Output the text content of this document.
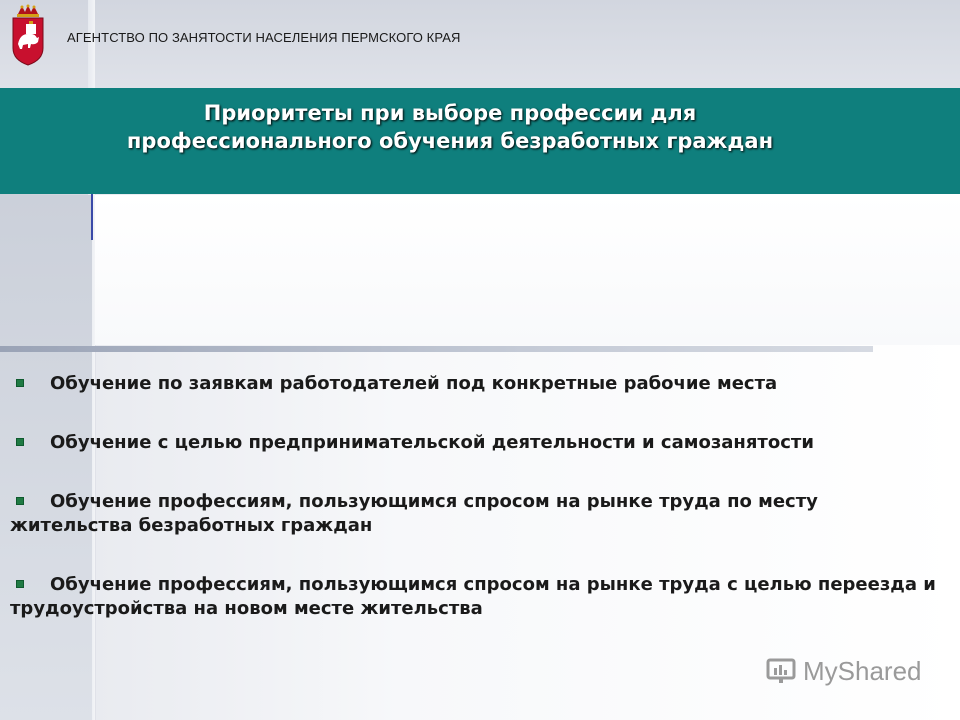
АГЕНТСТВО ПО ЗАНЯТОСТИ НАСЕЛЕНИЯ ПЕРМСКОГО КРАЯ
Приоритеты при выборе профессии для профессионального обучения безработных граждан
Обучение по заявкам работодателей под конкретные рабочие места
Обучение с целью предпринимательской деятельности и самозанятости
Обучение профессиям, пользующимся спросом на рынке труда по месту жительства безработных граждан
Обучение профессиям, пользующимся спросом на рынке труда с целью переезда и трудоустройства на новом месте жительства
MyShared
